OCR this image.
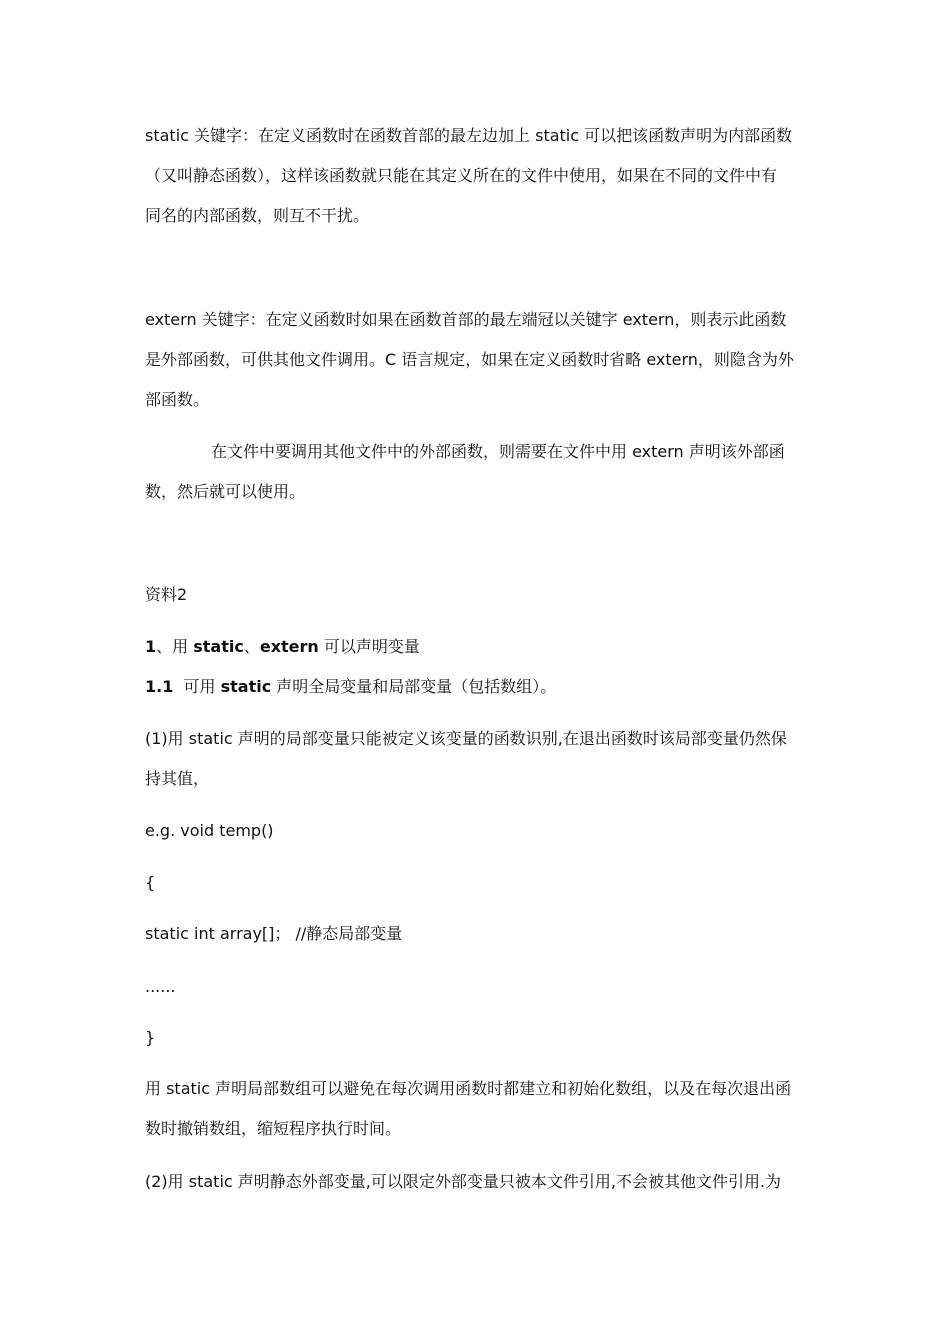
static 关键字：在定义函数时在函数首部的最左边加上 static 可以把该函数声明为内部函数
（又叫静态函数），这样该函数就只能在其定义所在的文件中使用，如果在不同的文件中有
同名的内部函数，则互不干扰。
extern 关键字：在定义函数时如果在函数首部的最左端冠以关键字 extern，则表示此函数
是外部函数，可供其他文件调用。C 语言规定，如果在定义函数时省略 extern，则隐含为外
部函数。
在文件中要调用其他文件中的外部函数，则需要在文件中用 extern 声明该外部函
数，然后就可以使用。
资料2
1、用 static、extern 可以声明变量
1.1  可用 static 声明全局变量和局部变量（包括数组）。
(1)用 static 声明的局部变量只能被定义该变量的函数识别,在退出函数时该局部变量仍然保
持其值，
e.g. void temp()
{
static int array[]； //静态局部变量
......
}
用 static 声明局部数组可以避免在每次调用函数时都建立和初始化数组，以及在每次退出函
数时撤销数组，缩短程序执行时间。
(2)用 static 声明静态外部变量,可以限定外部变量只被本文件引用,不会被其他文件引用.为
